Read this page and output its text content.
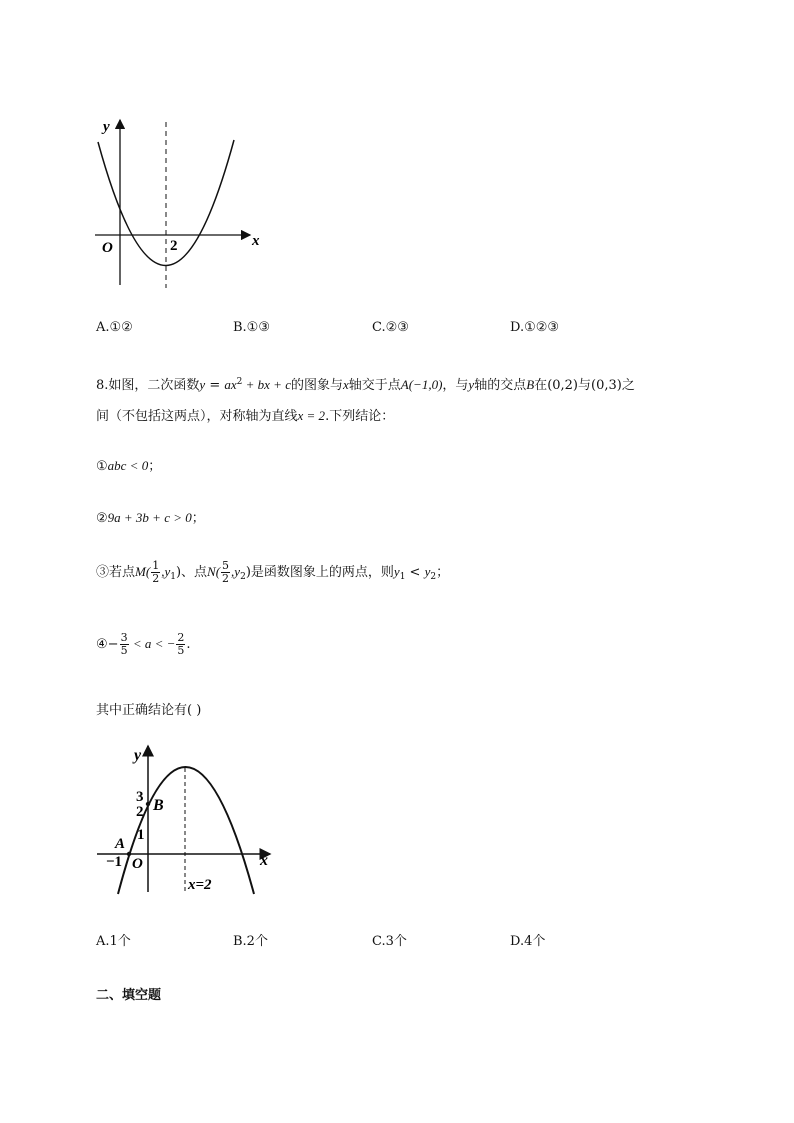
y
x
O	2
A.①②	B.①③	C.②③	D.①②③
8.如图，二次函数$y = ax^2$ + bx + c的图象与x轴交于点A(−1,0)，与y轴的交点B在(0,2)与(0,3)之
间（不包括这两点），对称轴为直线x = 2.下列结论：
①abc < 0；
②9a + 3b + c > 0；
③若点$M( \frac{1}{2} ,y_1)$、点$N( \frac{5}{2} ,y_2)$是函数图象上的两点，则$y_1 < y_2$；
④− $\frac{3}{5} < a$ < − $\frac{2}{5}$ .
其中正确结论有( )
y
x
O
3
2
1
−1
A
B
x=2
A.1个	B.2个	C.3个	D.4个
二、填空题
